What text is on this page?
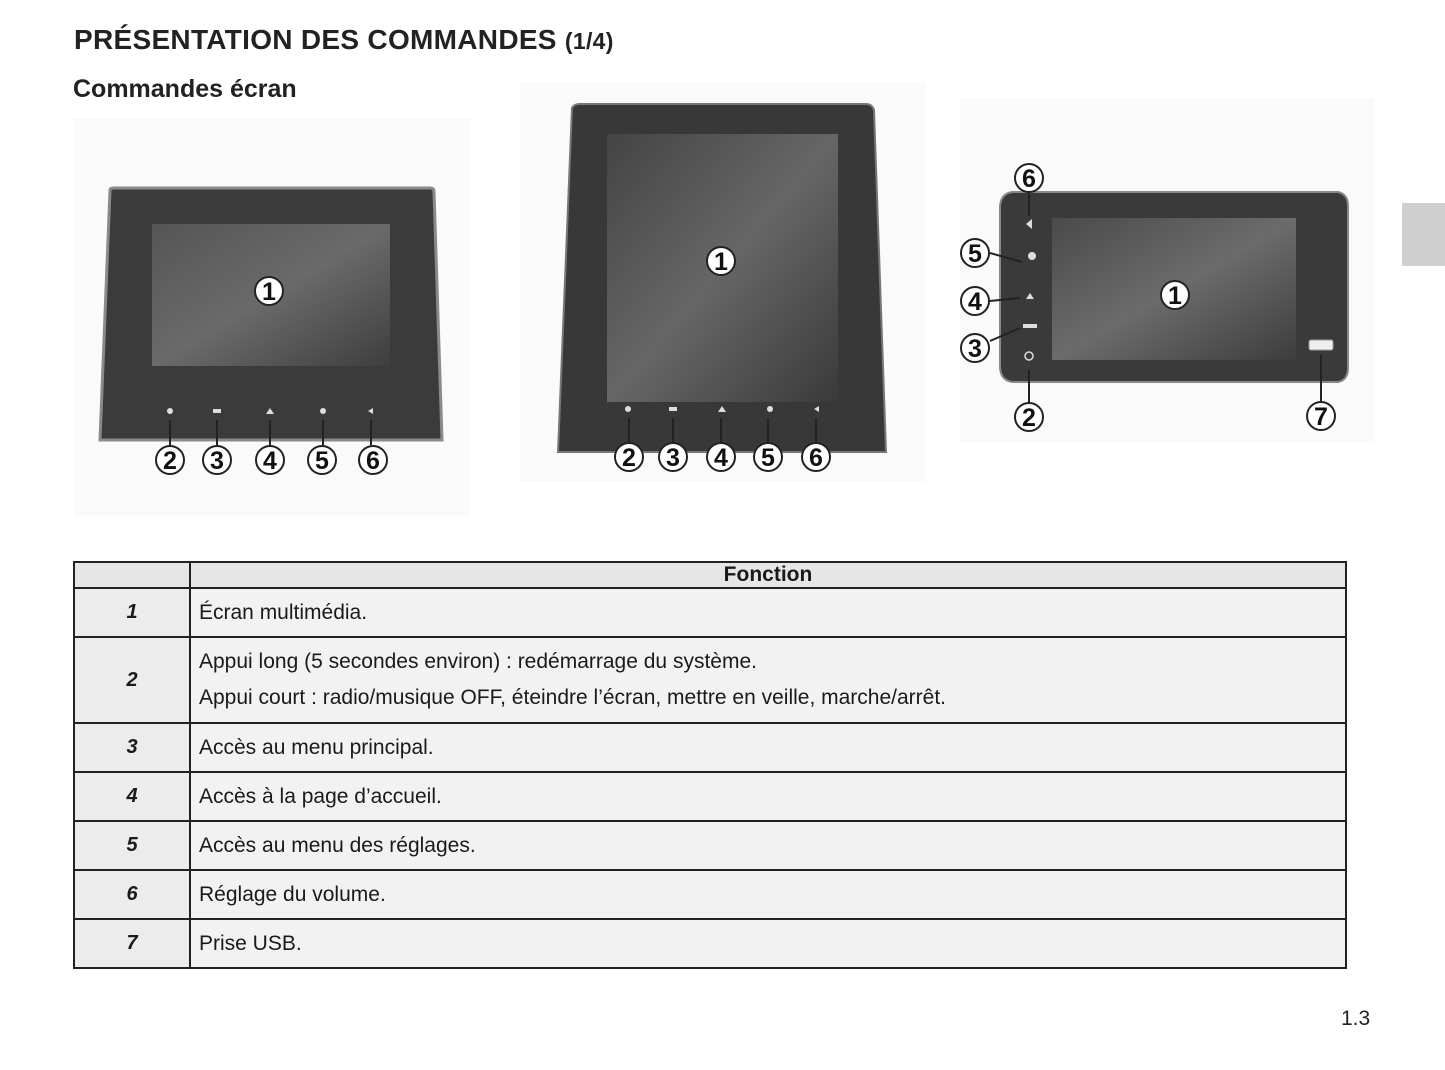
PRÉSENTATION DES COMMANDES (1/4)
Commandes écran
1
2 3 4 5 6
1
2 3 4 5 6
6
5
4
3
1
2	7
	Fonction
1	Écran multimédia.

2	Appui long (5 secondes environ) : redémarrage du système.
Appui court : radio/musique OFF, éteindre l’écran, mettre en veille, marche/arrêt.

3	Accès au menu principal.

4	Accès à la page d’accueil.

5	Accès au menu des réglages.

6	Réglage du volume.

7	Prise USB.
1.3
